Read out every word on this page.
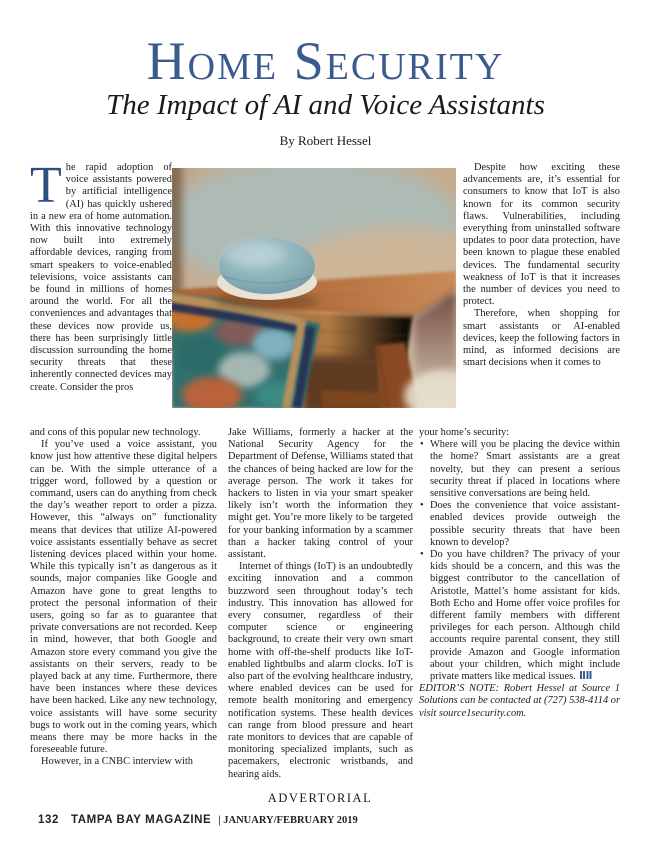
Home Security
The Impact of AI and Voice Assistants
By Robert Hessel

The rapid adoption of voice assistants powered by artificial intelligence (AI) has quickly ushered in a new era of home automation. With this innovative technology now built into extremely affordable devices, ranging from smart speakers to voice-enabled televisions, voice assistants can be found in millions of homes around the world. For all the conveniences and advantages that these devices now provide us, there has been surprisingly little discussion surrounding the home security threats that these inherently connected devices may create. Consider the pros

Despite how exciting these advancements are, it’s essential for consumers to know that IoT is also known for its common security flaws. Vulnerabilities, including everything from uninstalled software updates to poor data protection, have been known to plague these enabled devices. The fundamental security weakness of IoT is that it increases the number of devices you need to protect.

Therefore, when shopping for smart assistants or AI-enabled devices, keep the following factors in mind, as informed decisions are smart decisions when it comes to

and cons of this popular new technology.

If you’ve used a voice assistant, you know just how attentive these digital helpers can be. With the simple utterance of a trigger word, followed by a question or command, users can do anything from check the day’s weather report to order a pizza. However, this “always on” functionality means that devices that utilize AI-powered voice assistants essentially behave as secret listening devices placed within your home. While this typically isn’t as dangerous as it sounds, major companies like Google and Amazon have gone to great lengths to protect the personal information of their users, going so far as to guarantee that private conversations are not recorded. Keep in mind, however, that both Google and Amazon store every command you give the assistants on their servers, ready to be played back at any time. Furthermore, there have been instances where these devices have been hacked. Like any new technology, voice assistants will have some security bugs to work out in the coming years, which means there may be more hacks in the foreseeable future.

However, in a CNBC interview with

Jake Williams, formerly a hacker at the National Security Agency for the Department of Defense, Williams stated that the chances of being hacked are low for the average person. The work it takes for hackers to listen in via your smart speaker likely isn’t worth the information they might get. You’re more likely to be targeted for your banking information by a scammer than a hacker taking control of your assistant.

Internet of things (IoT) is an undoubtedly exciting innovation and a common buzzword seen throughout today’s tech industry. This innovation has allowed for every consumer, regardless of their computer science or engineering background, to create their very own smart home with off-the-shelf products like IoT-enabled lightbulbs and alarm clocks. IoT is also part of the evolving healthcare industry, where enabled devices can be used for remote health monitoring and emergency notification systems. These health devices can range from blood pressure and heart rate monitors to devices that are capable of monitoring specialized implants, such as pacemakers, electronic wristbands, and hearing aids.

your home’s security:

• Where will you be placing the device within the home? Smart assistants are a great novelty, but they can present a serious security threat if placed in locations where sensitive conversations are being held.
• Does the convenience that voice assistant-enabled devices provide outweigh the possible security threats that have been known to develop?
• Do you have children? The privacy of your kids should be a concern, and this was the biggest contributor to the cancellation of Aristotle, Mattel’s home assistant for kids. Both Echo and Home offer voice profiles for different family members with different privileges for each person. Although child accounts require parental consent, they still provide Amazon and Google information about your children, which might include private matters like medical issues.

EDITOR’S NOTE: Robert Hessel at Source 1 Solutions can be contacted at (727) 538-4114 or visit source1security.com.

ADVERTORIAL
132 TAMPA BAY MAGAZINE | JANUARY/FEBRUARY 2019
